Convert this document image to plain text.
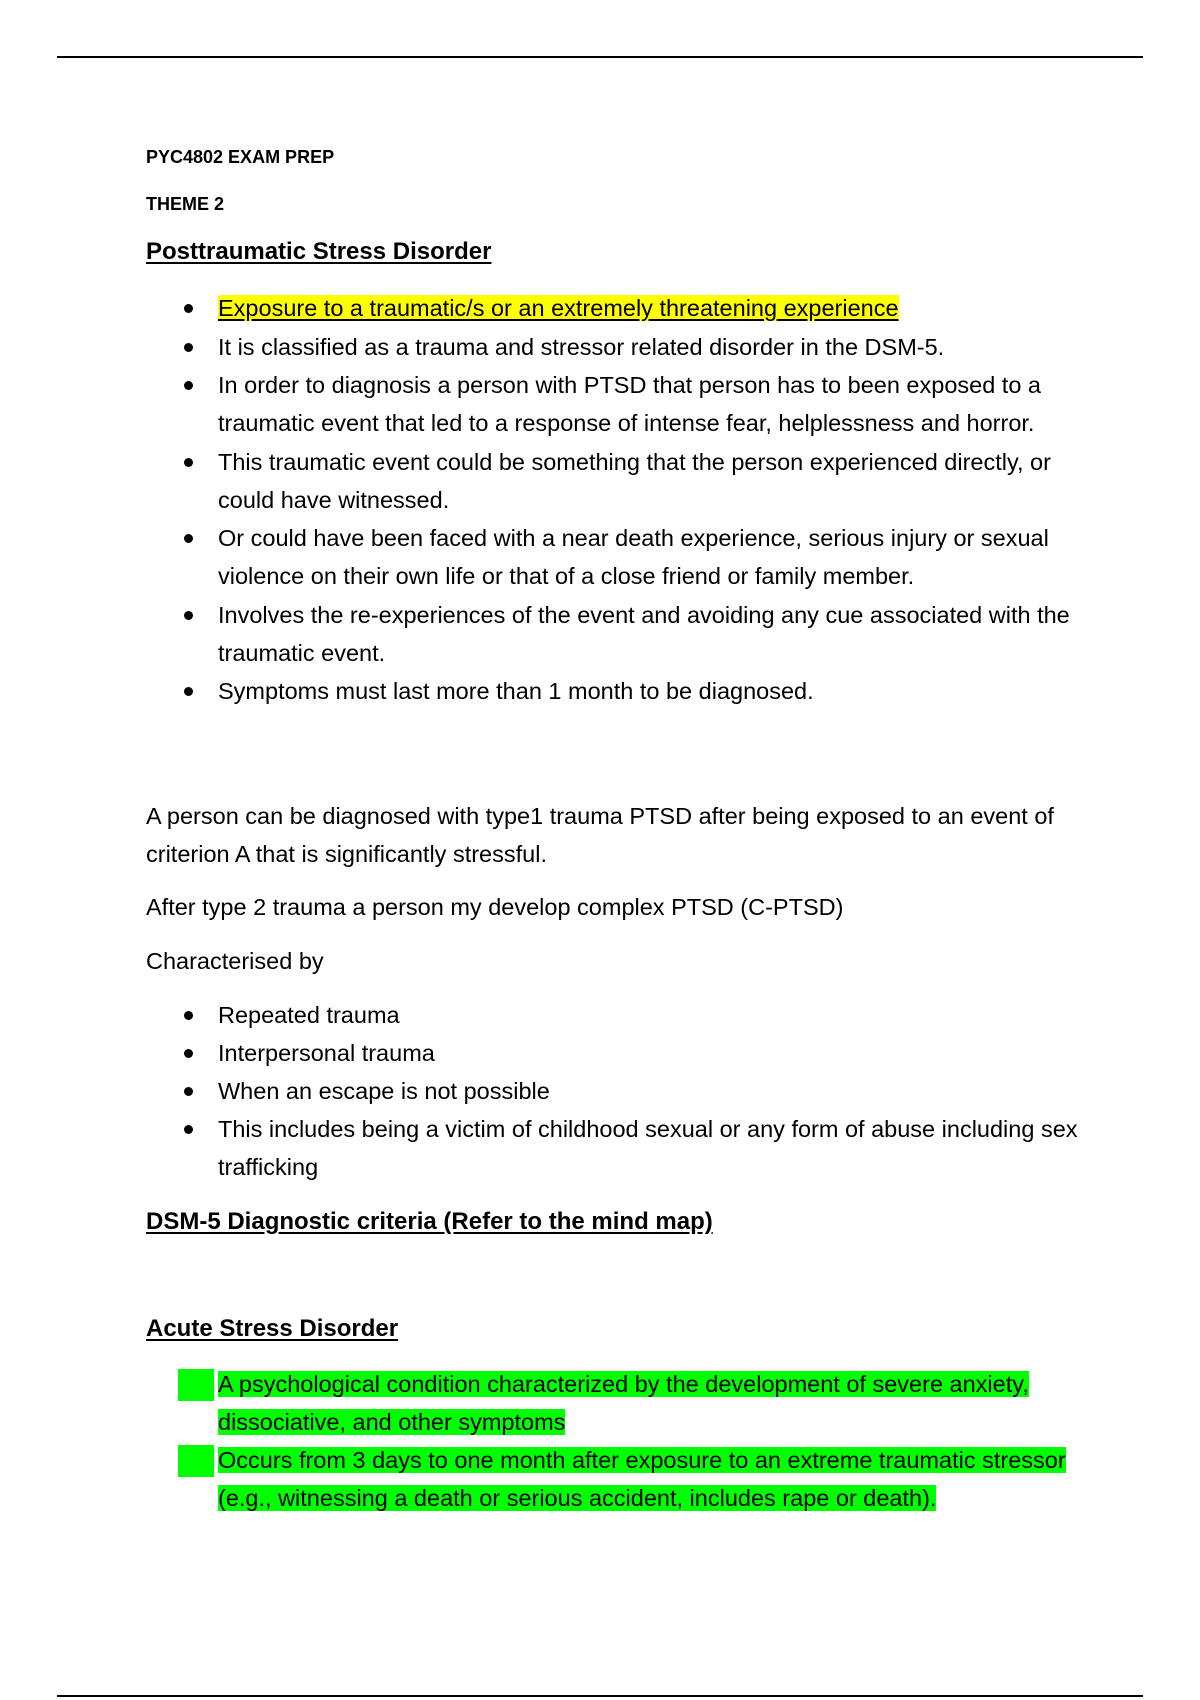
PYC4802 EXAM PREP
THEME 2
Posttraumatic Stress Disorder
Exposure to a traumatic/s or an extremely threatening experience
It is classified as a trauma and stressor related disorder in the DSM-5.
In order to diagnosis a person with PTSD that person has to been exposed to a traumatic event that led to a response of intense fear, helplessness and horror.
This traumatic event could be something that the person experienced directly, or could have witnessed.
Or could have been faced with a near death experience, serious injury or sexual violence on their own life or that of a close friend or family member.
Involves the re-experiences of the event and avoiding any cue associated with the traumatic event.
Symptoms must last more than 1 month to be diagnosed.
A person can be diagnosed with type1 trauma PTSD after being exposed to an event of criterion A that is significantly stressful.
After type 2 trauma a person my develop complex PTSD (C-PTSD)
Characterised by
Repeated trauma
Interpersonal trauma
When an escape is not possible
This includes being a victim of childhood sexual or any form of abuse including sex trafficking
DSM-5 Diagnostic criteria (Refer to the mind map)
Acute Stress Disorder
A psychological condition characterized by the development of severe anxiety, dissociative, and other symptoms
Occurs from 3 days to one month after exposure to an extreme traumatic stressor (e.g., witnessing a death or serious accident, includes rape or death).
